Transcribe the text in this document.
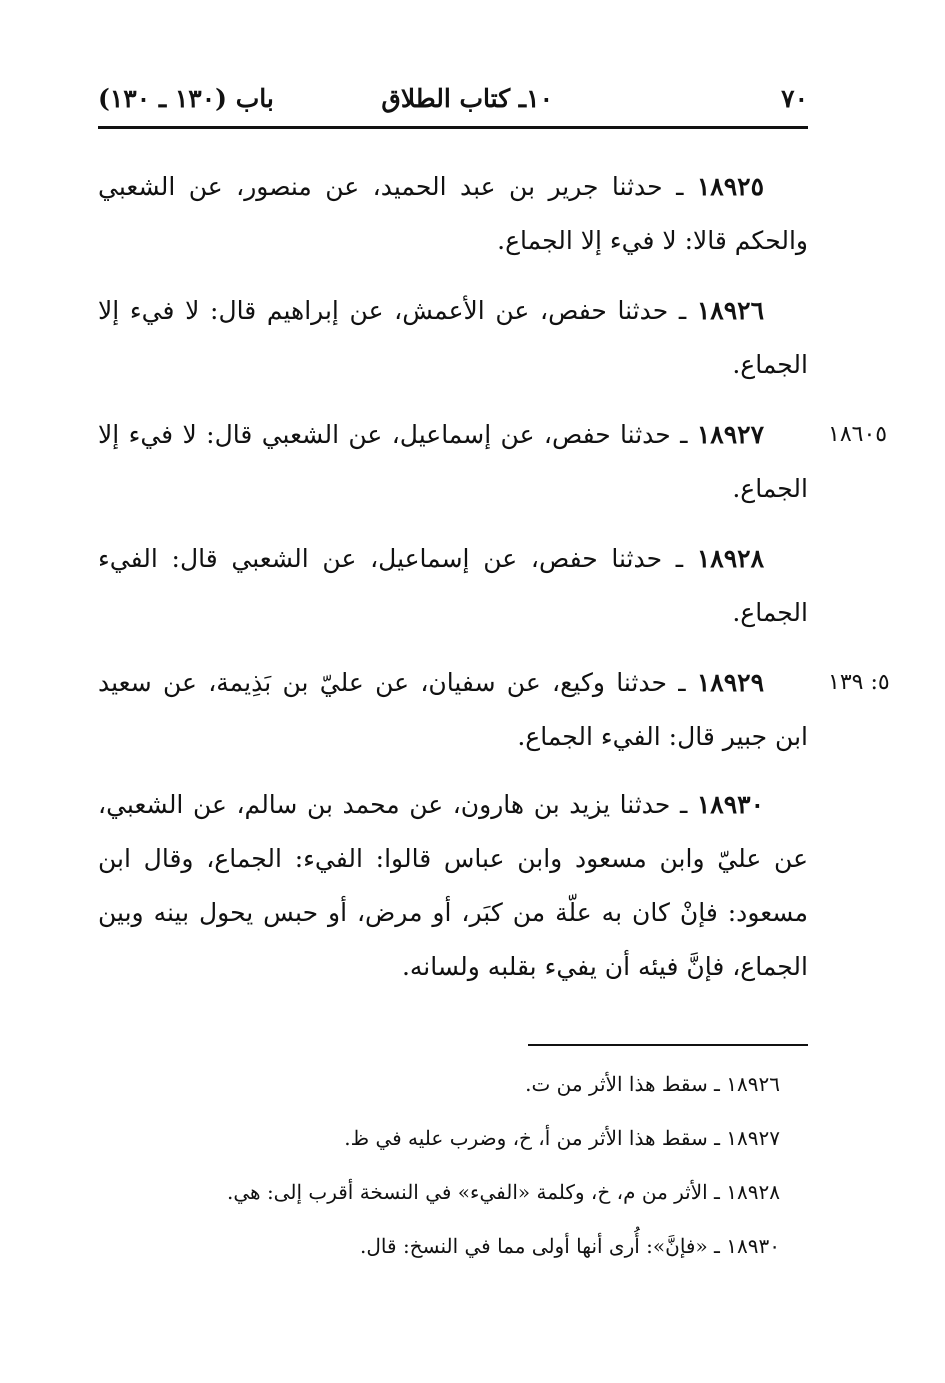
٧٠
١٠ـ كتاب الطلاق
باب (١٣٠ ـ ١٣٠)
١٨٩٢٥ ـ حدثنا جرير بن عبد الحميد، عن منصور، عن الشعبي والحكم قالا: لا فيء إلا الجماع.
١٨٩٢٦ ـ حدثنا حفص، عن الأعمش، عن إبراهيم قال: لا فيء إلا الجماع.
١٨٦٠٥
١٨٩٢٧ ـ حدثنا حفص، عن إسماعيل، عن الشعبي قال: لا فيء إلا الجماع.
١٨٩٢٨ ـ حدثنا حفص، عن إسماعيل، عن الشعبي قال: الفيء الجماع.
٥: ١٣٩
١٨٩٢٩ ـ حدثنا وكيع، عن سفيان، عن عليّ بن بَذِيمة، عن سعيد ابن جبير قال: الفيء الجماع.
١٨٩٣٠ ـ حدثنا يزيد بن هارون، عن محمد بن سالم، عن الشعبي، عن عليّ وابن مسعود وابن عباس قالوا: الفيء: الجماع، وقال ابن مسعود: فإنْ كان به علّة من كبَر، أو مرض، أو حبس يحول بينه وبين الجماع، فإنَّ فيئه أن يفيء بقلبه ولسانه.
١٨٩٢٦ ـ سقط هذا الأثر من ت.
١٨٩٢٧ ـ سقط هذا الأثر من أ، خ، وضرب عليه في ظ.
١٨٩٢٨ ـ الأثر من م، خ، وكلمة «الفيء» في النسخة أقرب إلى: هي.
١٨٩٣٠ ـ «فإنَّ»: أُرى أنها أولى مما في النسخ: قال.
